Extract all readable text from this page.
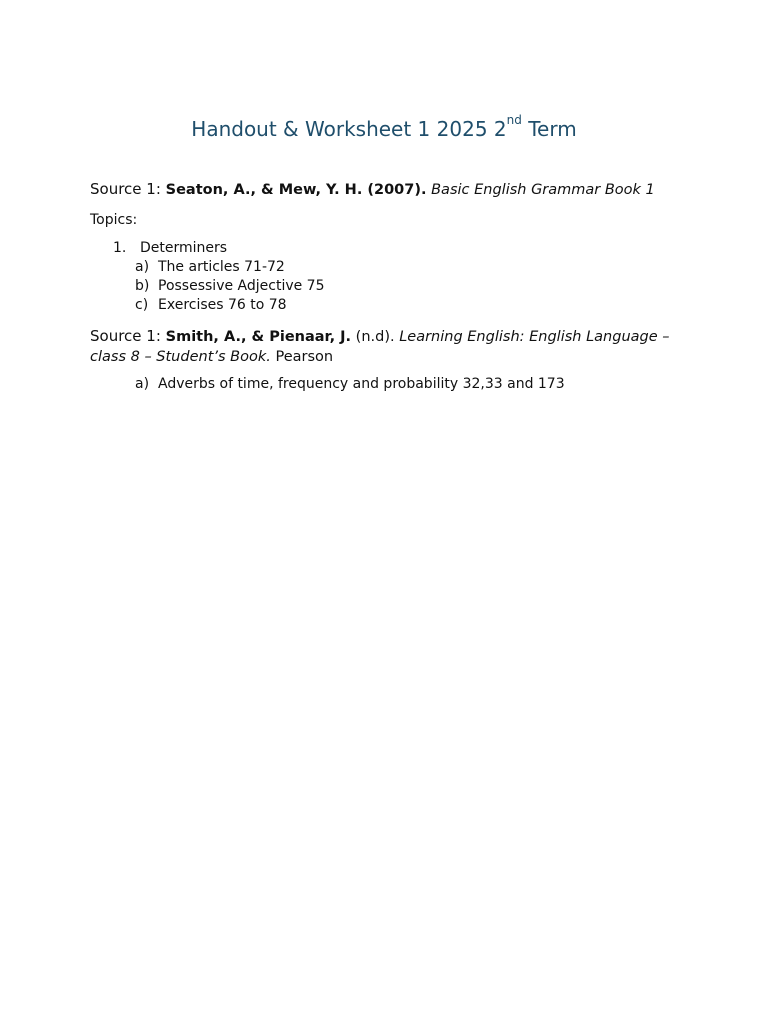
Handout & Worksheet 1 2025 2nd Term
Source 1: Seaton, A., & Mew, Y. H. (2007). Basic English Grammar Book 1
Topics:
1. Determiners
a) The articles 71-72
b) Possessive Adjective 75
c) Exercises 76 to 78
Source 1: Smith, A., & Pienaar, J. (n.d). Learning English: English Language – class 8 – Student’s Book. Pearson
a) Adverbs of time, frequency and probability 32,33 and 173
